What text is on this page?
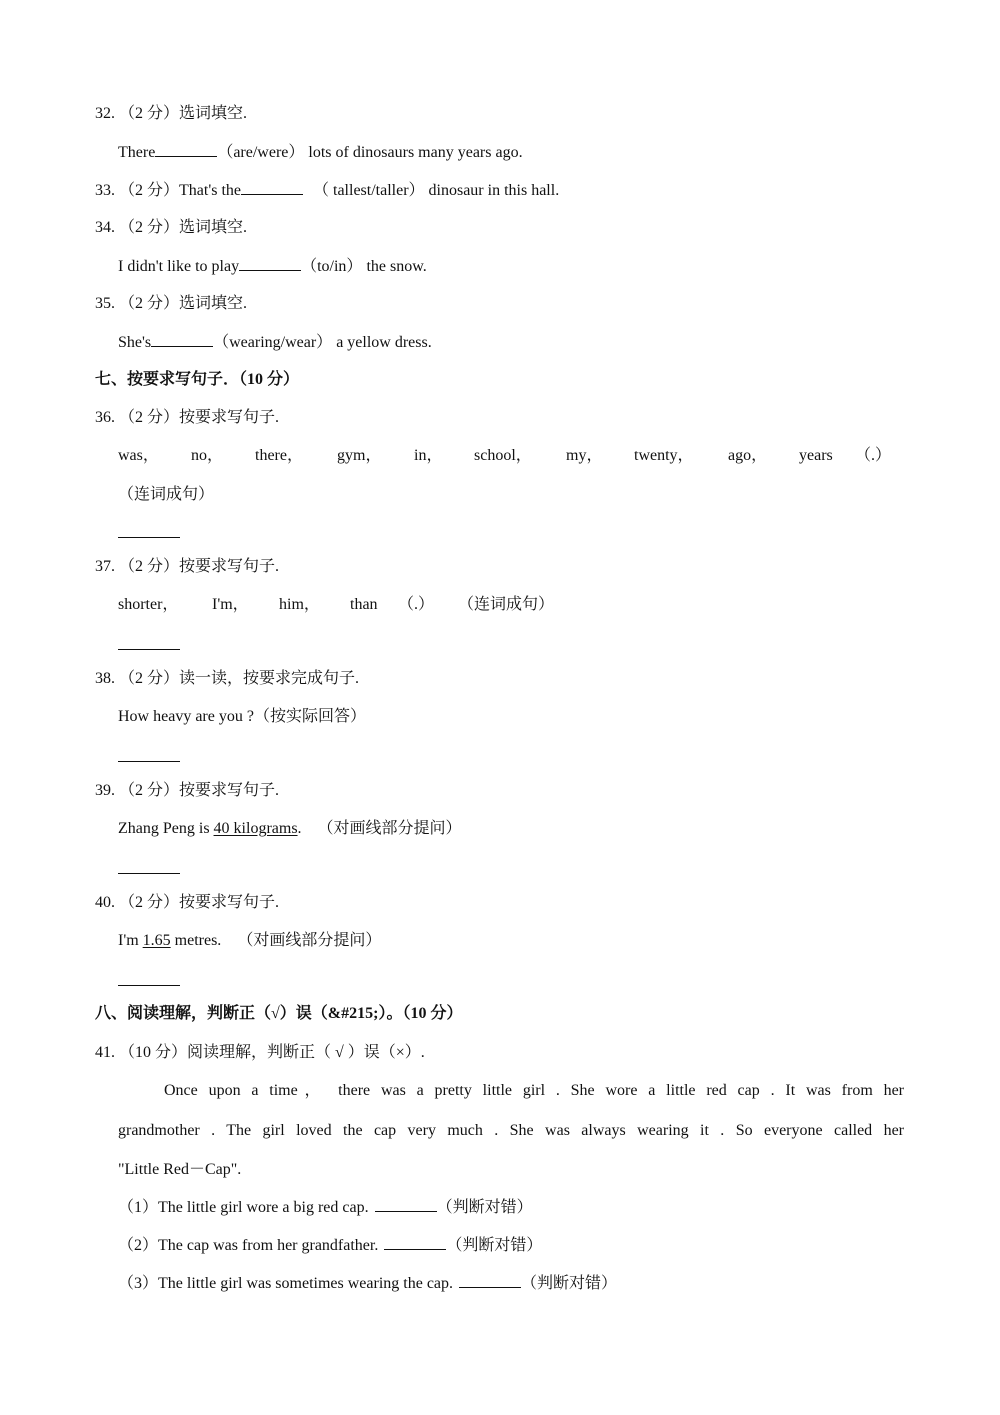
32. （2 分）选词填空.
There	（are/were） lots of dinosaurs many years ago.
33. （2 分）That's the	（ tallest/taller） dinosaur in this hall.
34. （2 分）选词填空.
I didn't like to play	（to/in） the snow.
35. （2 分）选词填空.
She's	（wearing/wear） a yellow dress.
七、按要求写句子．（10 分）
36. （2 分）按要求写句子.
was， no， there， gym， in， school， my， twenty， ago， years （.）
（连词成句）
37. （2 分）按要求写句子.
shorter， I'm， him， than （.） （连词成句）
38. （2 分）读一读，按要求完成句子.
How heavy are you ?（按实际回答）
39. （2 分）按要求写句子.
Zhang Peng is 40 kilograms. （对画线部分提问）
40. （2 分）按要求写句子.
I'm 1.65 metres. （对画线部分提问）
八、阅读理解，判断正（√）误（&#215;）。（10 分）
41. （10 分）阅读理解，判断正（ √ ）误（×）.
Once upon a time， there was a pretty little girl . She wore a little red cap . It was from her
grandmother . The girl loved the cap very much . She was always wearing it . So everyone called her
"Little Red－Cap".
（1）The little girl wore a big red cap.	（判断对错）
（2）The cap was from her grandfather.	（判断对错）
（3）The little girl was sometimes wearing the cap.	（判断对错）
